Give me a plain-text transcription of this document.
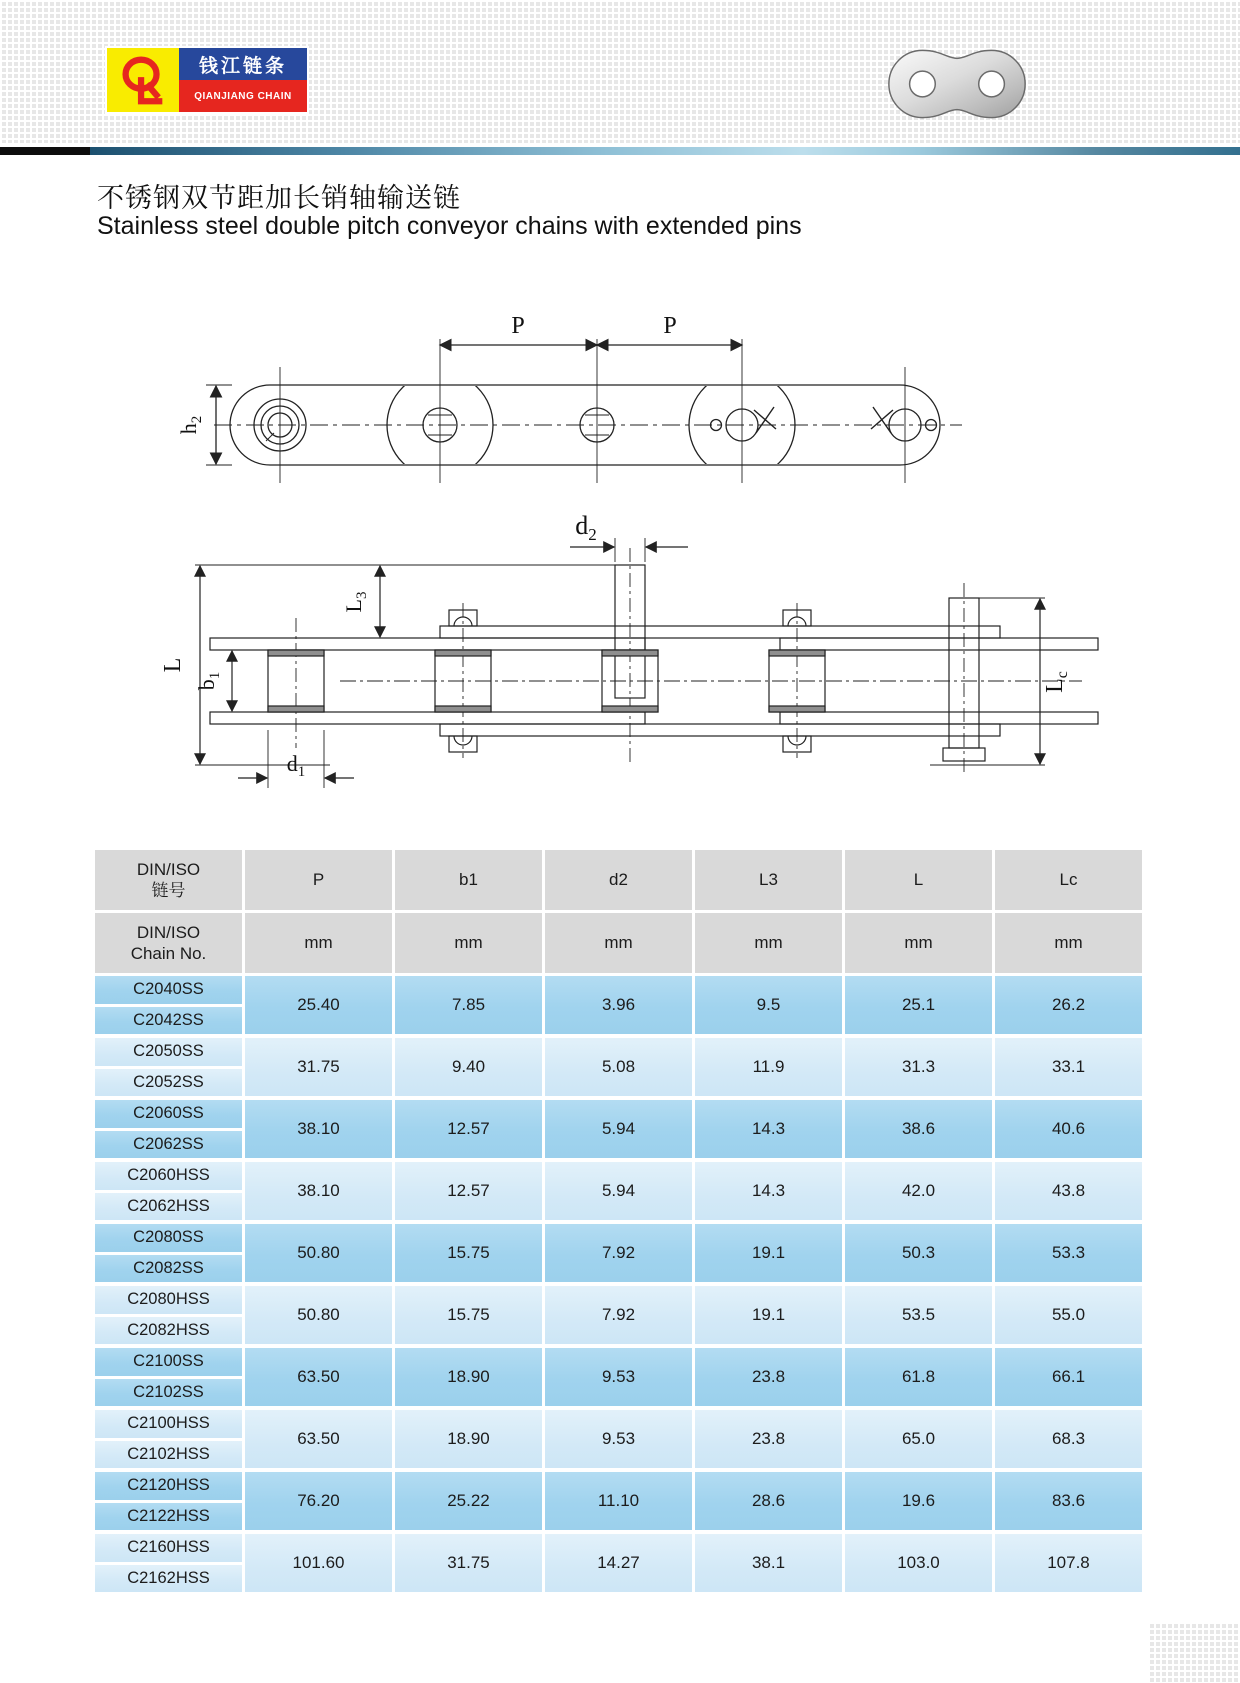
钱江链条
QIANJIANG CHAIN
不锈钢双节距加长销轴输送链
Stainless steel double pitch conveyor chains with extended pins
P	P
$h_2$
$d_2$
L
$L_3$
$b_1$
$d_1$
$L_c$
DIN/ISO
链号
P	b1	d2	L3	L	Lc
DIN/ISO
Chain No.
mm	mm	mm	mm	mm	mm
C2040SS
C2042SS
25.40	7.85	3.96	9.5	25.1	26.2
C2050SS
C2052SS
31.75	9.40	5.08	11.9	31.3	33.1
C2060SS
C2062SS
38.10	12.57	5.94	14.3	38.6	40.6
C2060HSS
C2062HSS
38.10	12.57	5.94	14.3	42.0	43.8
C2080SS
C2082SS
50.80	15.75	7.92	19.1	50.3	53.3
C2080HSS
C2082HSS
50.80	15.75	7.92	19.1	53.5	55.0
C2100SS
C2102SS
63.50	18.90	9.53	23.8	61.8	66.1
C2100HSS
C2102HSS
63.50	18.90	9.53	23.8	65.0	68.3
C2120HSS
C2122HSS
76.20	25.22	11.10	28.6	19.6	83.6
C2160HSS
C2162HSS
101.60	31.75	14.27	38.1	103.0	107.8
